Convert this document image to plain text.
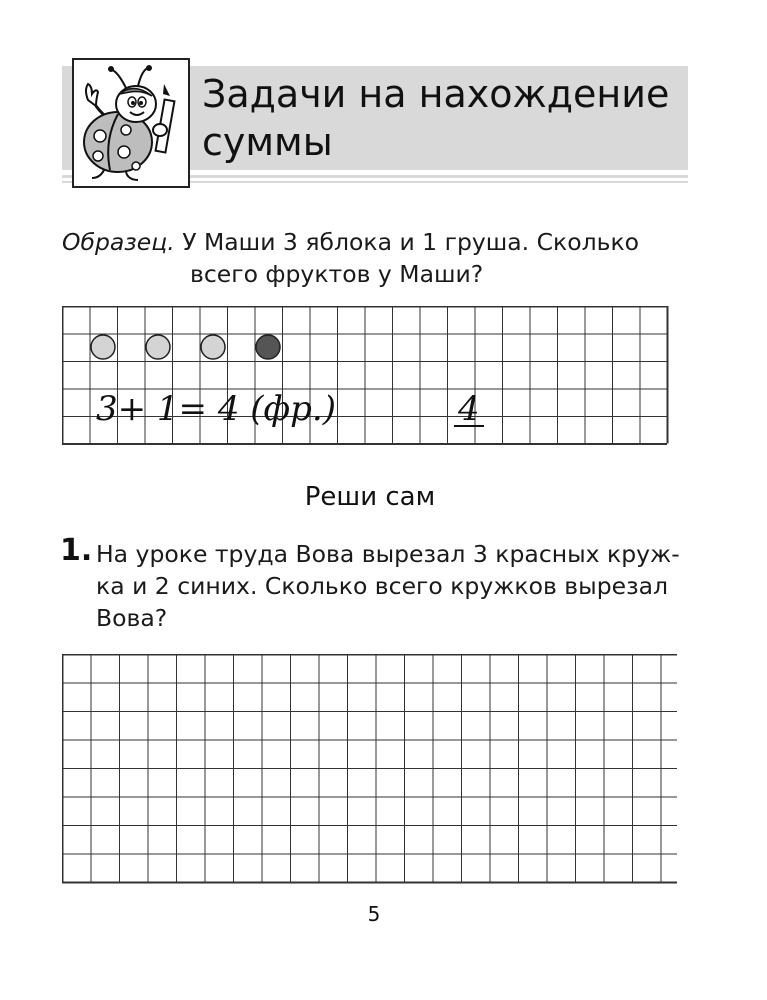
Задачи на нахождение суммы
Образец. У Маши 3 яблока и 1 груша. Сколько
всего фруктов у Маши?
3+ 1= 4 (фр.)	4
Реши сам
1. На уроке труда Вова вырезал 3 красных круж- ка и 2 синих. Сколько всего кружков вырезал Вова?
5
